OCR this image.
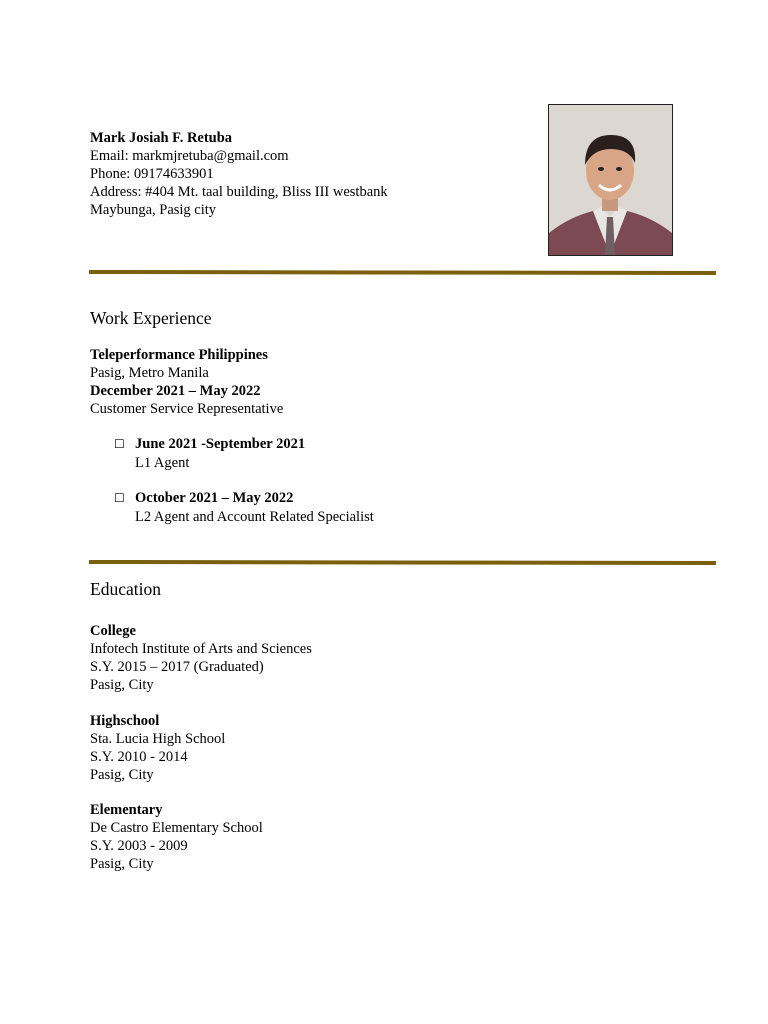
Mark Josiah F. Retuba
Email: markmjretuba@gmail.com
Phone: 09174633901
Address: #404 Mt. taal building, Bliss III westbank
Maybunga, Pasig city
Work Experience
Teleperformance Philippines
Pasig, Metro Manila
December 2021 – May 2022
Customer Service Representative
☐ June 2021 -September 2021
L1 Agent
☐ October 2021 – May 2022
L2 Agent and Account Related Specialist
Education
College
Infotech Institute of Arts and Sciences
S.Y. 2015 – 2017 (Graduated)
Pasig, City
Highschool
Sta. Lucia High School
S.Y. 2010 - 2014
Pasig, City
Elementary
De Castro Elementary School
S.Y. 2003 - 2009
Pasig, City
